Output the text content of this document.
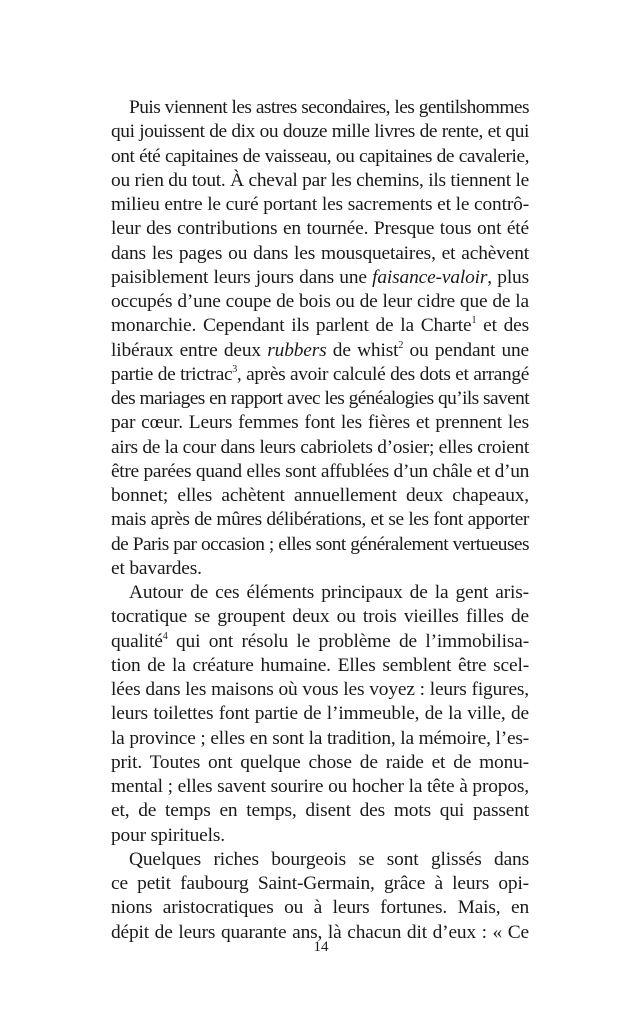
Puis viennent les astres secondaires, les gentilshommes
qui jouissent de dix ou douze mille livres de rente, et qui
ont été capitaines de vaisseau, ou capitaines de cavalerie,
ou rien du tout. À cheval par les chemins, ils tiennent le
milieu entre le curé portant les sacrements et le contrô-
leur des contributions en tournée. Presque tous ont été
dans les pages ou dans les mousquetaires, et achèvent
paisiblement leurs jours dans une faisance-valoir, plus
occupés d’une coupe de bois ou de leur cidre que de la
monarchie. Cependant ils parlent de la Charte$^1$ et des
libéraux entre deux rubbers de whist$^2$ ou pendant une
partie de trictrac$^3$, après avoir calculé des dots et arrangé
des mariages en rapport avec les généalogies qu’ils savent
par cœur. Leurs femmes font les fières et prennent les
airs de la cour dans leurs cabriolets d’osier; elles croient
être parées quand elles sont affublées d’un châle et d’un
bonnet; elles achètent annuellement deux chapeaux,
mais après de mûres délibérations, et se les font apporter
de Paris par occasion ; elles sont généralement vertueuses
et bavardes.
Autour de ces éléments principaux de la gent aris-
tocratique se groupent deux ou trois vieilles filles de
qualité$^4$ qui ont résolu le problème de l’immobilisa-
tion de la créature humaine. Elles semblent être scel-
lées dans les maisons où vous les voyez : leurs figures,
leurs toilettes font partie de l’immeuble, de la ville, de
la province ; elles en sont la tradition, la mémoire, l’es-
prit. Toutes ont quelque chose de raide et de monu-
mental ; elles savent sourire ou hocher la tête à propos,
et, de temps en temps, disent des mots qui passent
pour spirituels.
Quelques riches bourgeois se sont glissés dans
ce petit faubourg Saint-Germain, grâce à leurs opi-
nions aristocratiques ou à leurs fortunes. Mais, en
dépit de leurs quarante ans, là chacun dit d’eux : « Ce
14
